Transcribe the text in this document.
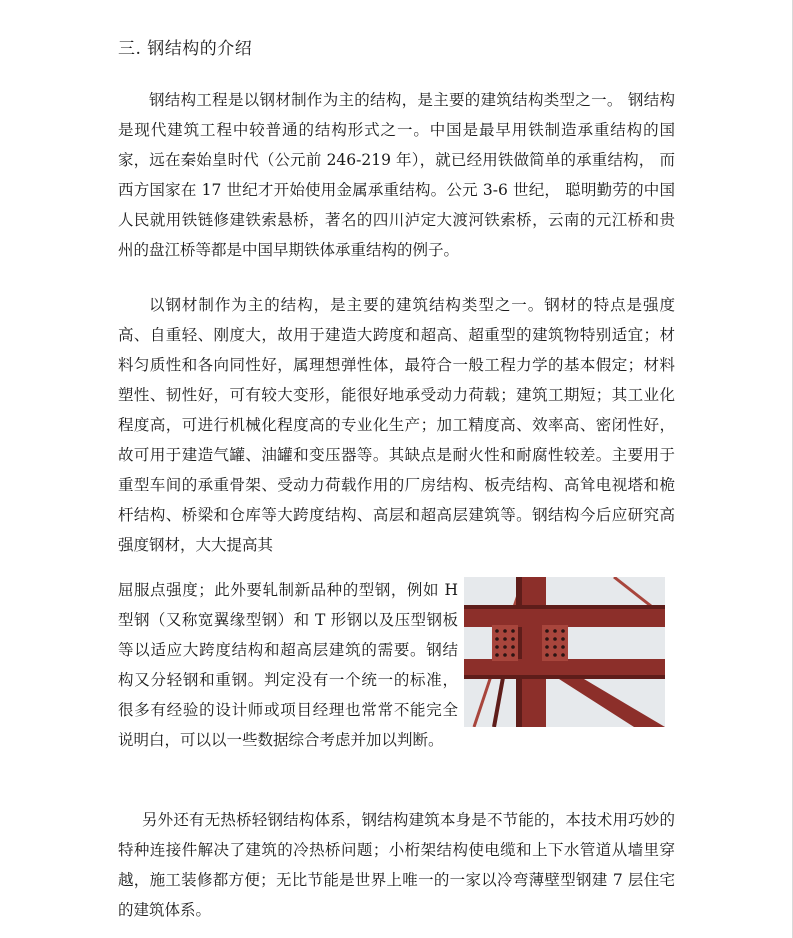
三. 钢结构的介绍

钢结构工程是以钢材制作为主的结构，是主要的建筑结构类型之一。 钢结构是现代建筑工程中较普通的结构形式之一。中国是最早用铁制造承重结构的国家，远在秦始皇时代（公元前 246-219 年），就已经用铁做简单的承重结构， 而西方国家在 17 世纪才开始使用金属承重结构。公元 3-6 世纪， 聪明勤劳的中国人民就用铁链修建铁索悬桥，著名的四川泸定大渡河铁索桥，云南的元江桥和贵州的盘江桥等都是中国早期铁体承重结构的例子。

以钢材制作为主的结构，是主要的建筑结构类型之一。钢材的特点是强度高、自重轻、刚度大，故用于建造大跨度和超高、超重型的建筑物特别适宜；材料匀质性和各向同性好，属理想弹性体，最符合一般工程力学的基本假定；材料塑性、韧性好，可有较大变形，能很好地承受动力荷载；建筑工期短；其工业化程度高，可进行机械化程度高的专业化生产；加工精度高、效率高、密闭性好，故可用于建造气罐、油罐和变压器等。其缺点是耐火性和耐腐性较差。主要用于重型车间的承重骨架、受动力荷载作用的厂房结构、板壳结构、高耸电视塔和桅杆结构、桥梁和仓库等大跨度结构、高层和超高层建筑等。钢结构今后应研究高强度钢材，大大提高其

屈服点强度；此外要轧制新品种的型钢，例如 H 型钢（又称宽翼缘型钢）和 T 形钢以及压型钢板等以适应大跨度结构和超高层建筑的需要。钢结构又分轻钢和重钢。判定没有一个统一的标准，很多有经验的设计师或项目经理也常常不能完全说明白，可以以一些数据综合考虑并加以判断。

另外还有无热桥轻钢结构体系，钢结构建筑本身是不节能的，本技术用巧妙的特种连接件解决了建筑的冷热桥问题；小桁架结构使电缆和上下水管道从墙里穿越，施工装修都方便；无比节能是世界上唯一的一家以冷弯薄壁型钢建 7 层住宅的建筑体系。
